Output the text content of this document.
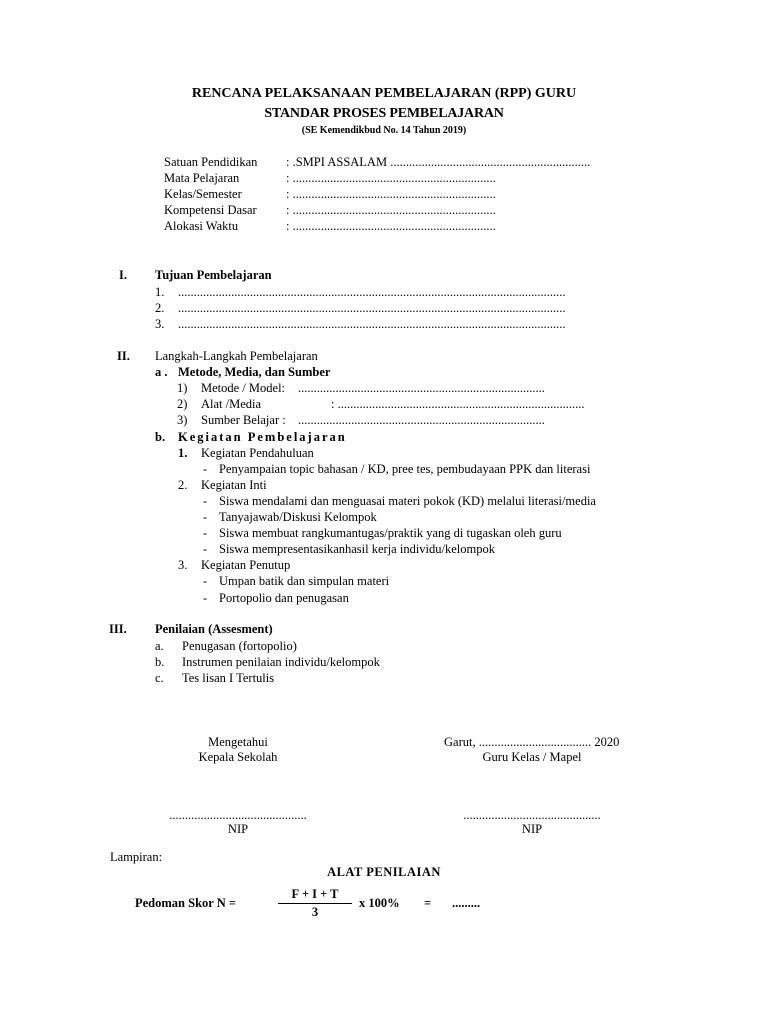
RENCANA PELAKSANAAN PEMBELAJARAN (RPP) GURU
STANDAR PROSES PEMBELAJARAN
(SE Kemendikbud No. 14 Tahun 2019)
Satuan Pendidikan : .SMPI ASSALAM ................................................................
Mata Pelajaran	: .................................................................
Kelas/Semester	: .................................................................
Kompetensi Dasar : .................................................................
Alokasi Waktu	: .................................................................
I. Tujuan Pembelajaran
1. ............................................................................................................................
2. ............................................................................................................................
3. ............................................................................................................................
II. Langkah-Langkah Pembelajaran
a . Metode, Media, dan Sumber
1) Metode / Model: ...............................................................................
2) Alat /Media	: ...............................................................................
3) Sumber Belajar : ...............................................................................
b. Kegiatan Pembelajaran
1. Kegiatan Pendahuluan
- Penyampaian topic bahasan / KD, pree tes, pembudayaan PPK dan literasi
2. Kegiatan Inti
- Siswa mendalami dan menguasai materi pokok (KD) melalui literasi/media
- Tanyajawab/Diskusi Kelompok
- Siswa membuat rangkumantugas/praktik yang di tugaskan oleh guru
- Siswa mempresentasikanhasil kerja individu/kelompok
3. Kegiatan Penutup
- Umpan batik dan simpulan materi
- Portopolio dan penugasan
III. Penilaian (Assesment)
a. Penugasan (fortopolio)
b. Instrumen penilaian individu/kelompok
c. Tes lisan I Tertulis
Mengetahui
Kepala Sekolah
Garut, .................................... 2020
Guru Kelas / Mapel
............................................	............................................
NIP	NIP
Lampiran:
ALAT PENILAIAN
Pedoman Skor N =
F + I + T
3
x 100% = .........
